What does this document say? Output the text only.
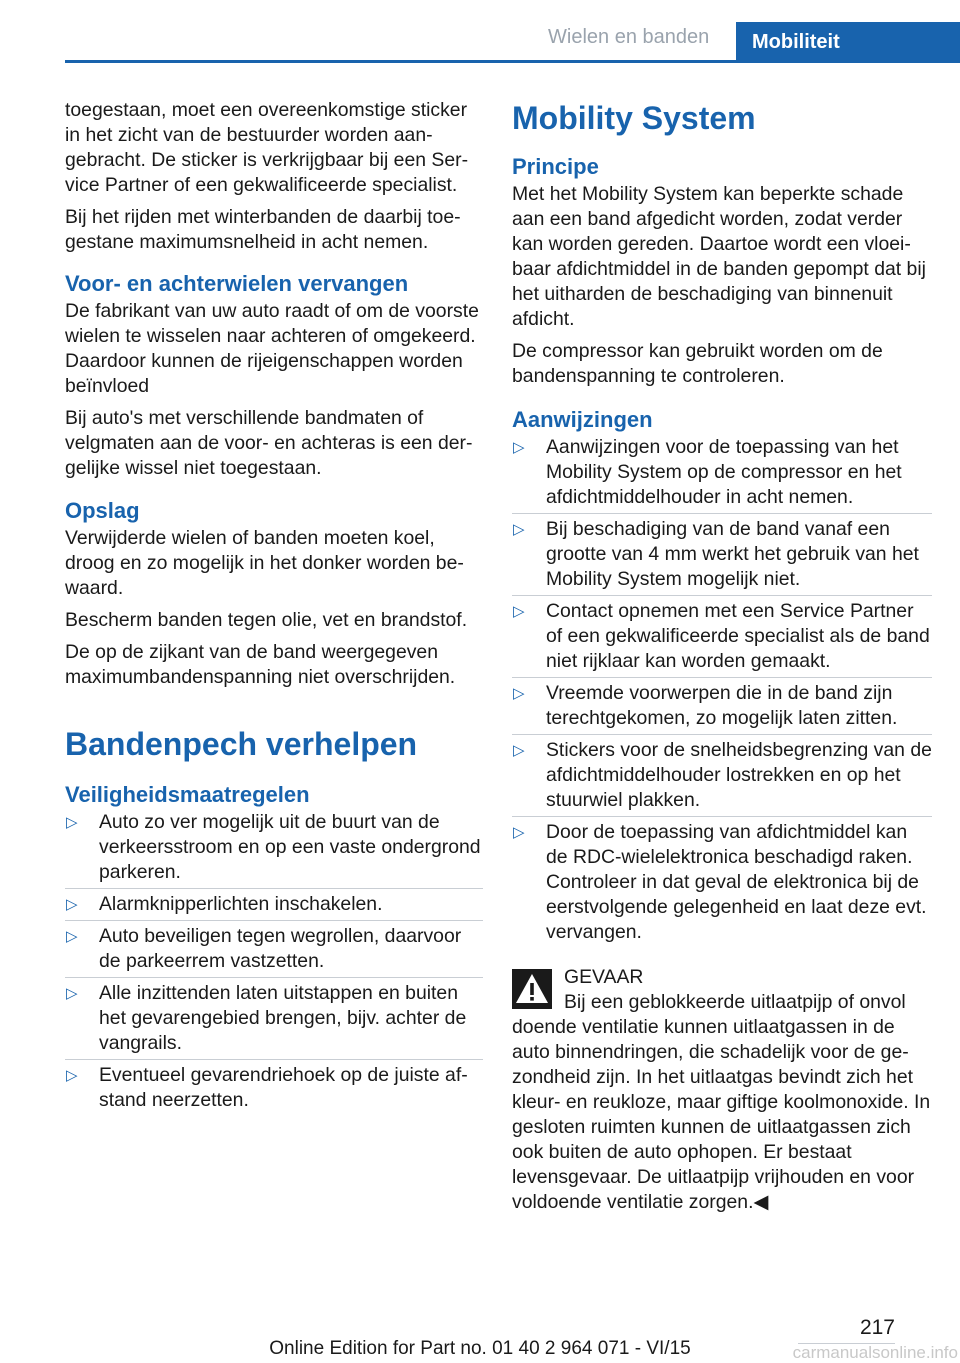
Wielen en banden	Mobiliteit

toegestaan, moet een overeenkomstige sticker in het zicht van de bestuurder worden aangebracht. De sticker is verkrijgbaar bij een Service Partner of een gekwalificeerde specialist.

Bij het rijden met winterbanden de daarbij toegestane maximumsnelheid in acht nemen.

Voor- en achterwielen vervangen

De fabrikant van uw auto raadt of om de voorste wielen te wisselen naar achteren of omgekeerd. Daardoor kunnen de rijeigenschappen worden beïnvloed

Bij auto's met verschillende bandmaten of velgmaten aan de voor- en achteras is een dergelijke wissel niet toegestaan.

Opslag

Verwijderde wielen of banden moeten koel, droog en zo mogelijk in het donker worden bewaard.

Bescherm banden tegen olie, vet en brandstof.

De op de zijkant van de band weergegeven maximumbandenspanning niet overschrijden.

Bandenpech verhelpen
Veiligheidsmaatregelen
▷ Auto zo ver mogelijk uit de buurt van de verkeersstroom en op een vaste ondergrond parkeren.
▷ Alarmknipperlichten inschakelen.
▷ Auto beveiligen tegen wegrollen, daarvoor de parkeerrem vastzetten.
▷ Alle inzittenden laten uitstappen en buiten het gevarengebied brengen, bijv. achter de vangrails.
▷ Eventueel gevarendriehoek op de juiste afstand neerzetten.
Mobility System
Principe

Met het Mobility System kan beperkte schade aan een band afgedicht worden, zodat verder kan worden gereden. Daartoe wordt een vloeibaar afdichtmiddel in de banden gepompt dat bij het uitharden de beschadiging van binnenuit afdicht.

De compressor kan gebruikt worden om de bandenspanning te controleren.

Aanwijzingen
▷ Aanwijzingen voor de toepassing van het Mobility System op de compressor en het afdichtmiddelhouder in acht nemen.
▷ Bij beschadiging van de band vanaf een grootte van 4 mm werkt het gebruik van het Mobility System mogelijk niet.
▷ Contact opnemen met een Service Partner of een gekwalificeerde specialist als de band niet rijklaar kan worden gemaakt.
▷ Vreemde voorwerpen die in de band zijn terechtgekomen, zo mogelijk laten zitten.
▷ Stickers voor de snelheidsbegrenzing van de afdichtmiddelhouder lostrekken en op het stuurwiel plakken.
▷ Door de toepassing van afdichtmiddel kan de RDC-wielelektronica beschadigd raken. Controleer in dat geval de elektronica bij de eerstvolgende gelegenheid en laat deze evt. vervangen.
GEVAAR
Bij een geblokkeerde uitlaatpijp of onvol
doende ventilatie kunnen uitlaatgassen in de auto binnendringen, die schadelijk voor de gezondheid zijn. In het uitlaatgas bevindt zich het kleur- en reukloze, maar giftige koolmonoxide. In gesloten ruimten kunnen de uitlaatgassen zich ook buiten de auto ophopen. Er bestaat levensgevaar. De uitlaatpijp vrijhouden en voor voldoende ventilatie zorgen.◀
217
Online Edition for Part no. 01 40 2 964 071 - VI/15	carmanualsonline.info
